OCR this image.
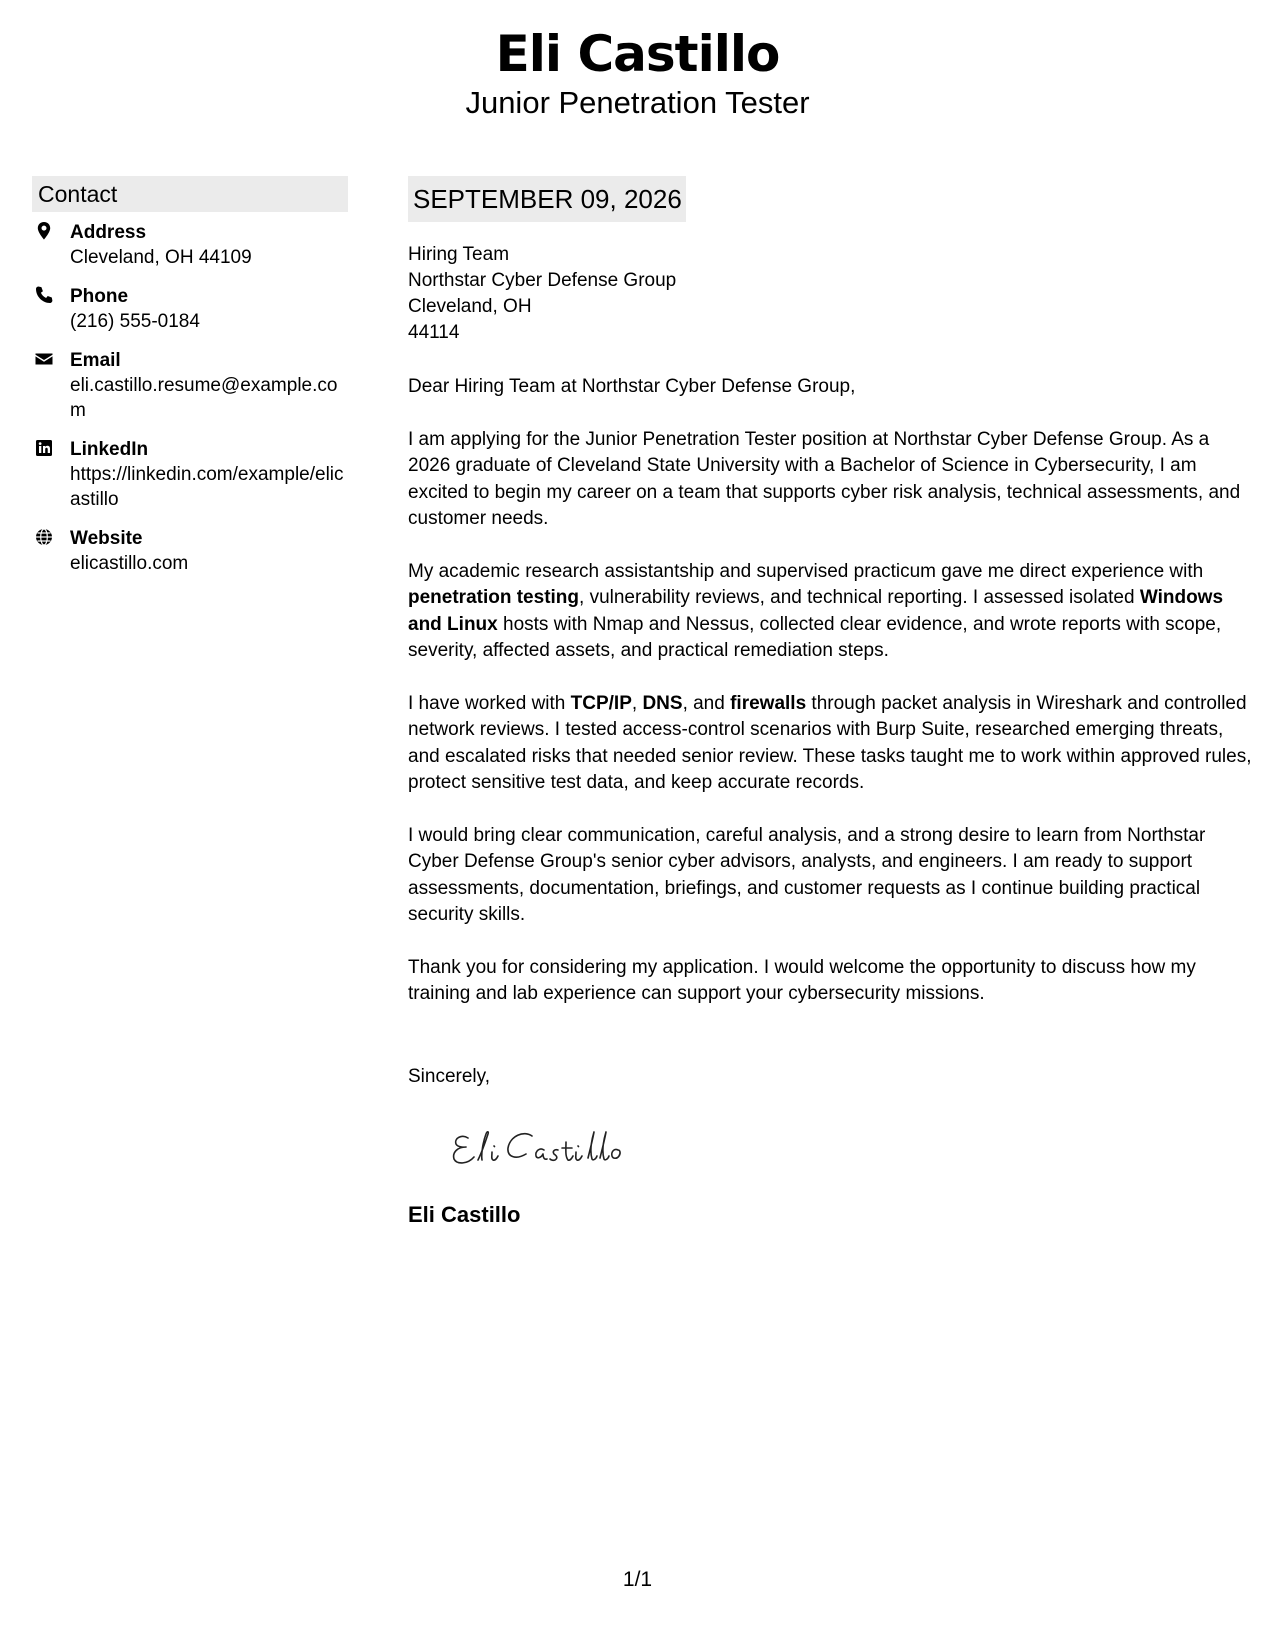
Eli Castillo
Junior Penetration Tester
Contact
Address
Cleveland, OH 44109
Phone
(216) 555-0184
Email
eli.castillo.resume@example.com
LinkedIn
https://linkedin.com/example/elicastillo
Website
elicastillo.com
SEPTEMBER 09, 2026
Hiring Team
Northstar Cyber Defense Group
Cleveland, OH
44114
Dear Hiring Team at Northstar Cyber Defense Group,
I am applying for the Junior Penetration Tester position at Northstar Cyber Defense Group. As a 2026 graduate of Cleveland State University with a Bachelor of Science in Cybersecurity, I am excited to begin my career on a team that supports cyber risk analysis, technical assessments, and customer needs.
My academic research assistantship and supervised practicum gave me direct experience with penetration testing, vulnerability reviews, and technical reporting. I assessed isolated Windows and Linux hosts with Nmap and Nessus, collected clear evidence, and wrote reports with scope, severity, affected assets, and practical remediation steps.
I have worked with TCP/IP, DNS, and firewalls through packet analysis in Wireshark and controlled network reviews. I tested access-control scenarios with Burp Suite, researched emerging threats, and escalated risks that needed senior review. These tasks taught me to work within approved rules, protect sensitive test data, and keep accurate records.
I would bring clear communication, careful analysis, and a strong desire to learn from Northstar Cyber Defense Group's senior cyber advisors, analysts, and engineers. I am ready to support assessments, documentation, briefings, and customer requests as I continue building practical security skills.
Thank you for considering my application. I would welcome the opportunity to discuss how my training and lab experience can support your cybersecurity missions.
Sincerely,
Eli Castillo
1/1
